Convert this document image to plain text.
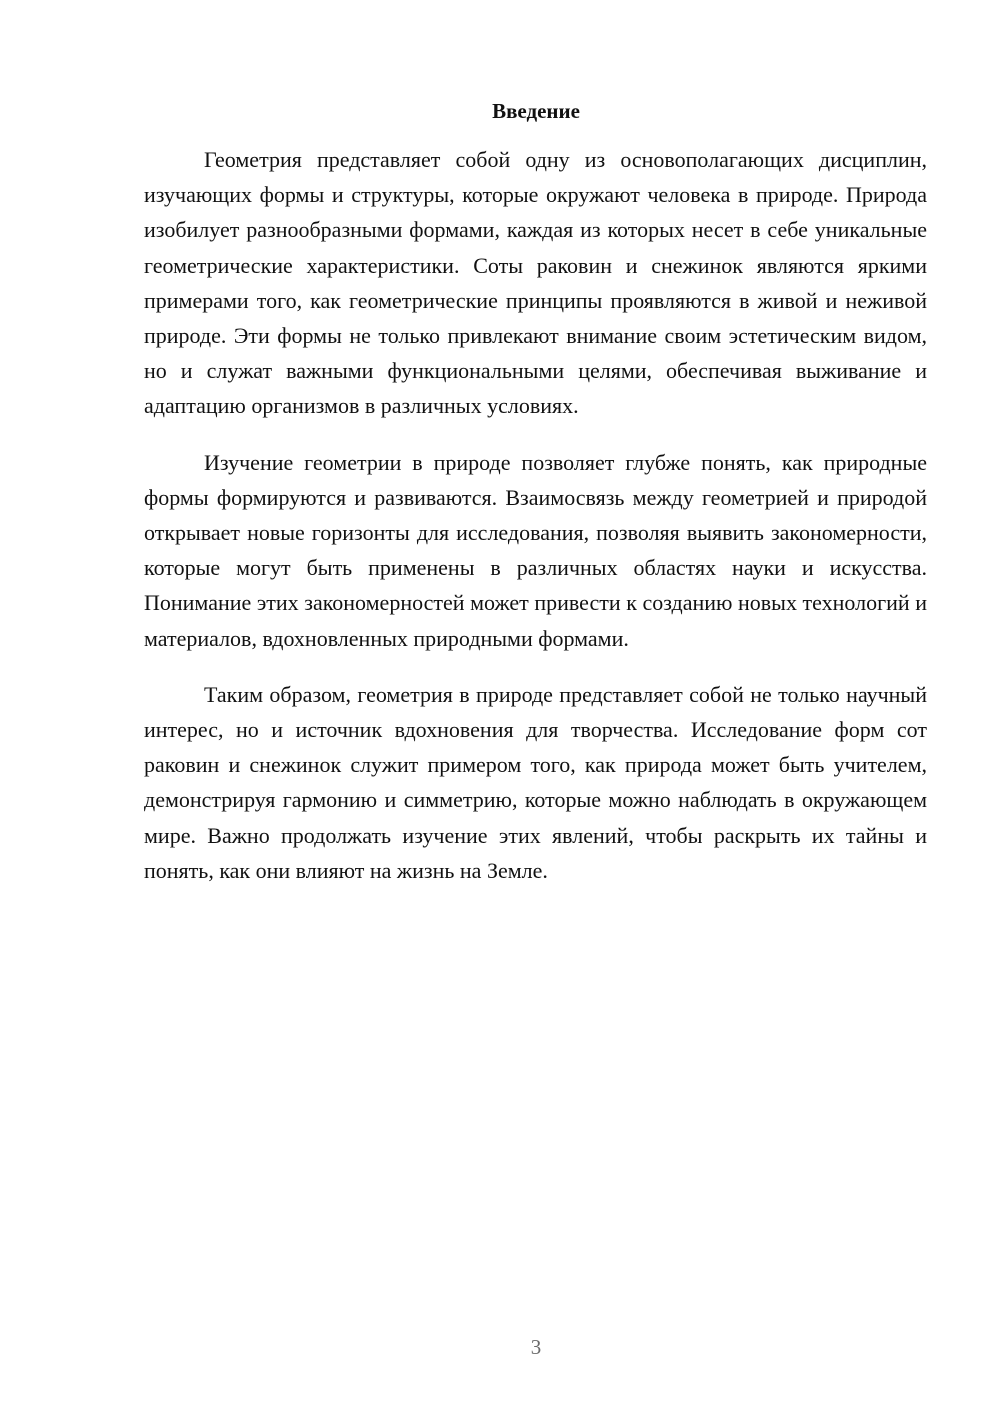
Введение

Геометрия представляет собой одну из основополагающих дисциплин, изучающих формы и структуры, которые окружают человека в природе. Природа изобилует разнообразными формами, каждая из которых несет в себе уникальные геометрические характеристики. Соты раковин и снежинок являются яркими примерами того, как геометрические принципы проявляются в живой и неживой природе. Эти формы не только привлекают внимание своим эстетическим видом, но и служат важными функциональными целями, обеспечивая выживание и адаптацию организмов в различных условиях.

Изучение геометрии в природе позволяет глубже понять, как природные формы формируются и развиваются. Взаимосвязь между геометрией и природой открывает новые горизонты для исследования, позволяя выявить закономерности, которые могут быть применены в различных областях науки и искусства. Понимание этих закономерностей может привести к созданию новых технологий и материалов, вдохновленных природными формами.

Таким образом, геометрия в природе представляет собой не только научный интерес, но и источник вдохновения для творчества. Исследование форм сот раковин и снежинок служит примером того, как природа может быть учителем, демонстрируя гармонию и симметрию, которые можно наблюдать в окружающем мире. Важно продолжать изучение этих явлений, чтобы раскрыть их тайны и понять, как они влияют на жизнь на Земле.

3
